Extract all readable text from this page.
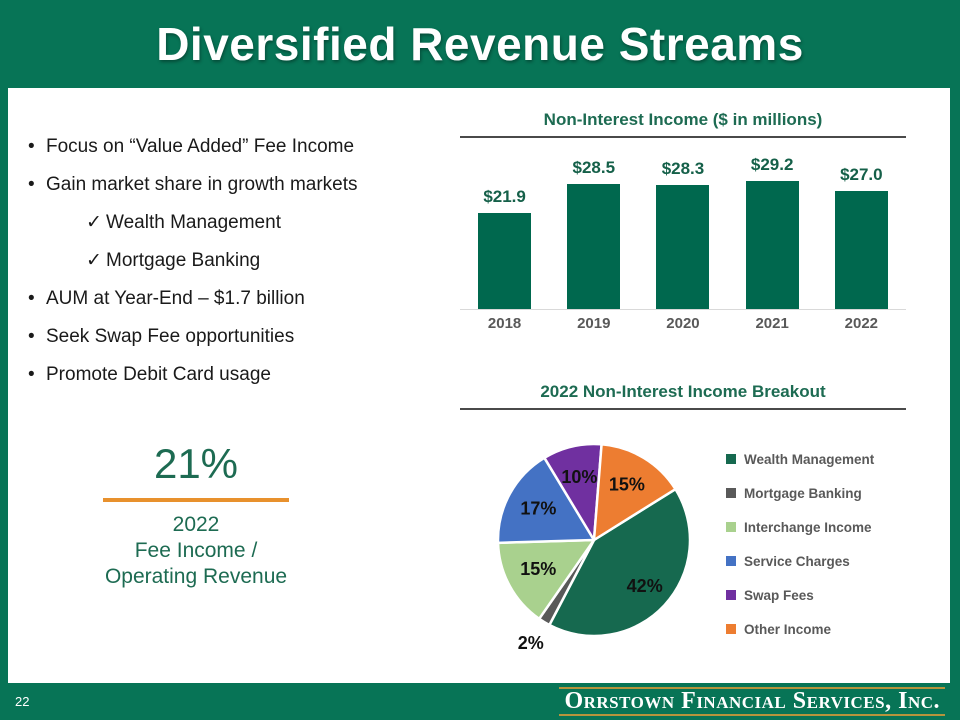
Diversified Revenue Streams
• Focus on “Value Added” Fee Income
• Gain market share in growth markets
✓ Wealth Management
✓ Mortgage Banking
• AUM at Year-End – $1.7 billion
• Seek Swap Fee opportunities
• Promote Debit Card usage
21%
2022
Fee Income /
Operating Revenue
Non-Interest Income ($ in millions)
$21.9
$28.5	$28.3	$29.2
$27.0
2018	2019	2020	2021	2022
2022 Non-Interest Income Breakout
42%
2%
15%
17%
10% 15%
Wealth Management
Mortgage Banking
Interchange Income
Service Charges
Swap Fees
Other Income
22	Orrstown Financial Services, Inc.
